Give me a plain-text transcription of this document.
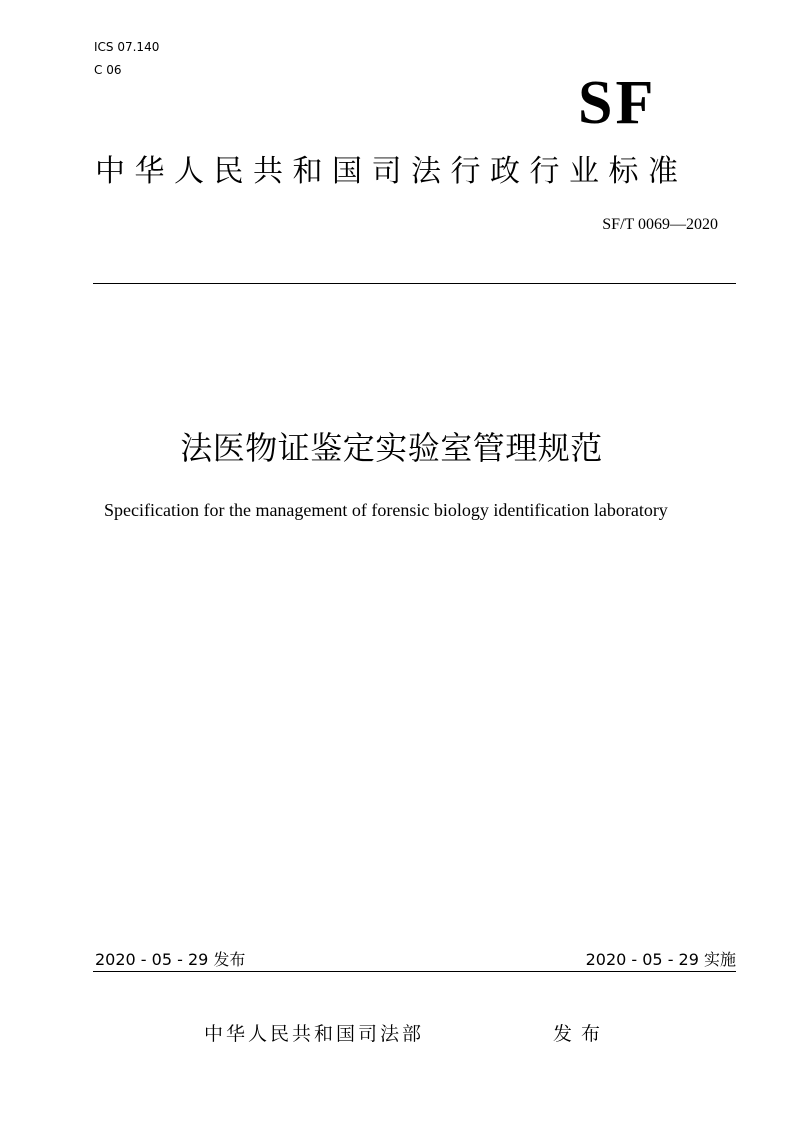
ICS 07.140
C 06	SF
中华人民共和国司法行政行业标准
SF/T 0069—2020
法医物证鉴定实验室管理规范
Specification for the management of forensic biology identification laboratory
2020 - 05 - 29 发布	2020 - 05 - 29 实施
中华人民共和国司法部	发布
